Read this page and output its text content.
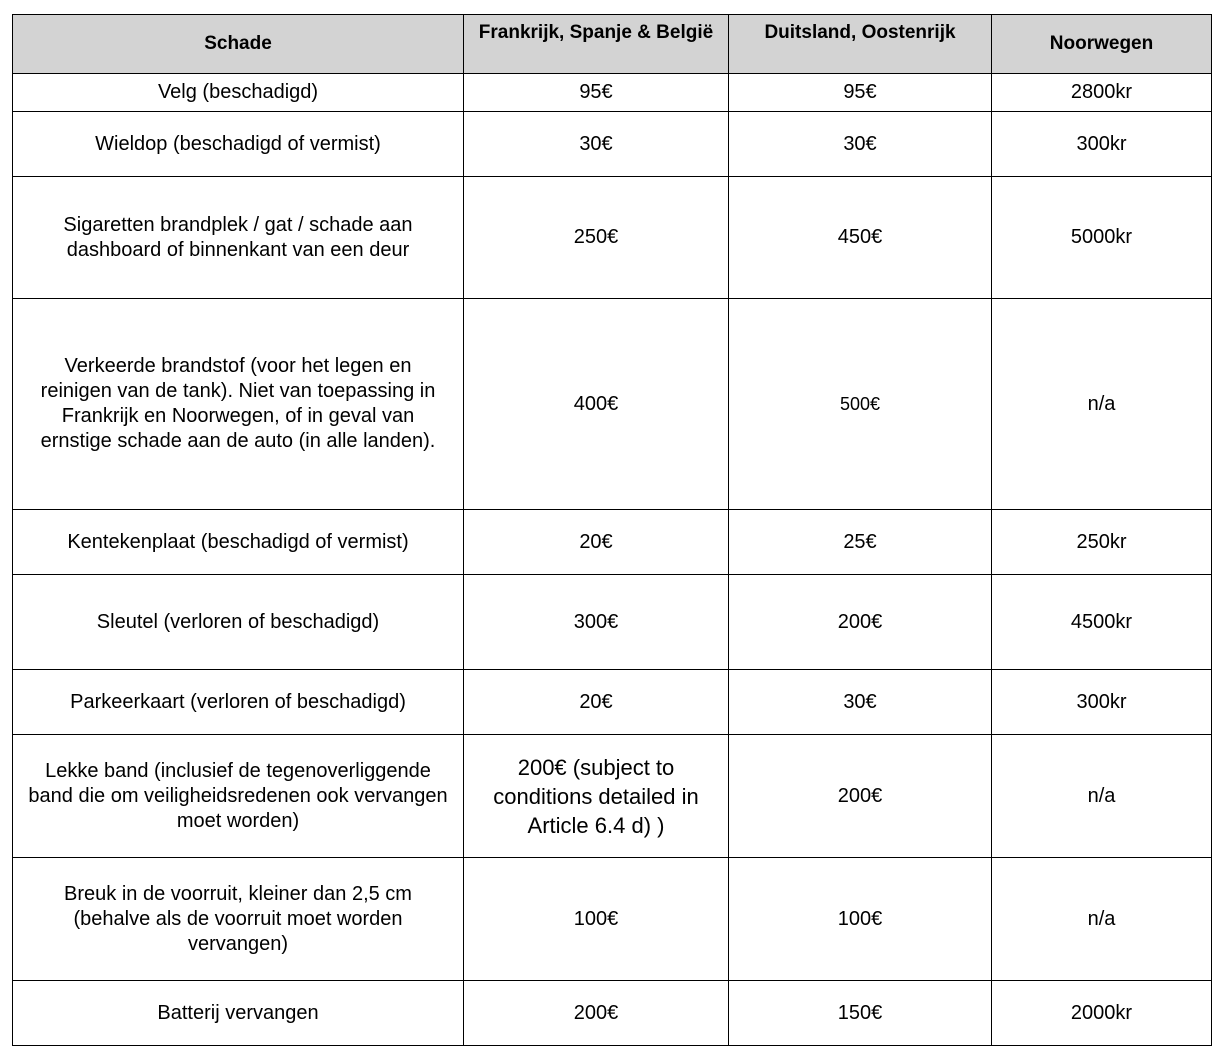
Schade	Frankrijk, Spanje & België	Duitsland, Oostenrijk	Noorwegen
Velg (beschadigd)	95€	95€	2800kr
Wieldop (beschadigd of vermist)	30€	30€	300kr
Sigaretten brandplek / gat / schade aan dashboard of binnenkant van een deur	250€	450€	5000kr
Verkeerde brandstof (voor het legen en reinigen van de tank). Niet van toepassing in Frankrijk en Noorwegen, of in geval van ernstige schade aan de auto (in alle landen).	400€	500€	n/a
Kentekenplaat (beschadigd of vermist)	20€	25€	250kr
Sleutel (verloren of beschadigd)	300€	200€	4500kr
Parkeerkaart (verloren of beschadigd)	20€	30€	300kr
Lekke band (inclusief de tegenoverliggende band die om veiligheidsredenen ook vervangen moet worden)	200€ (subject to conditions detailed in Article 6.4 d) )	200€	n/a
Breuk in de voorruit, kleiner dan 2,5 cm (behalve als de voorruit moet worden vervangen)	100€	100€	n/a
Batterij vervangen	200€	150€	2000kr
